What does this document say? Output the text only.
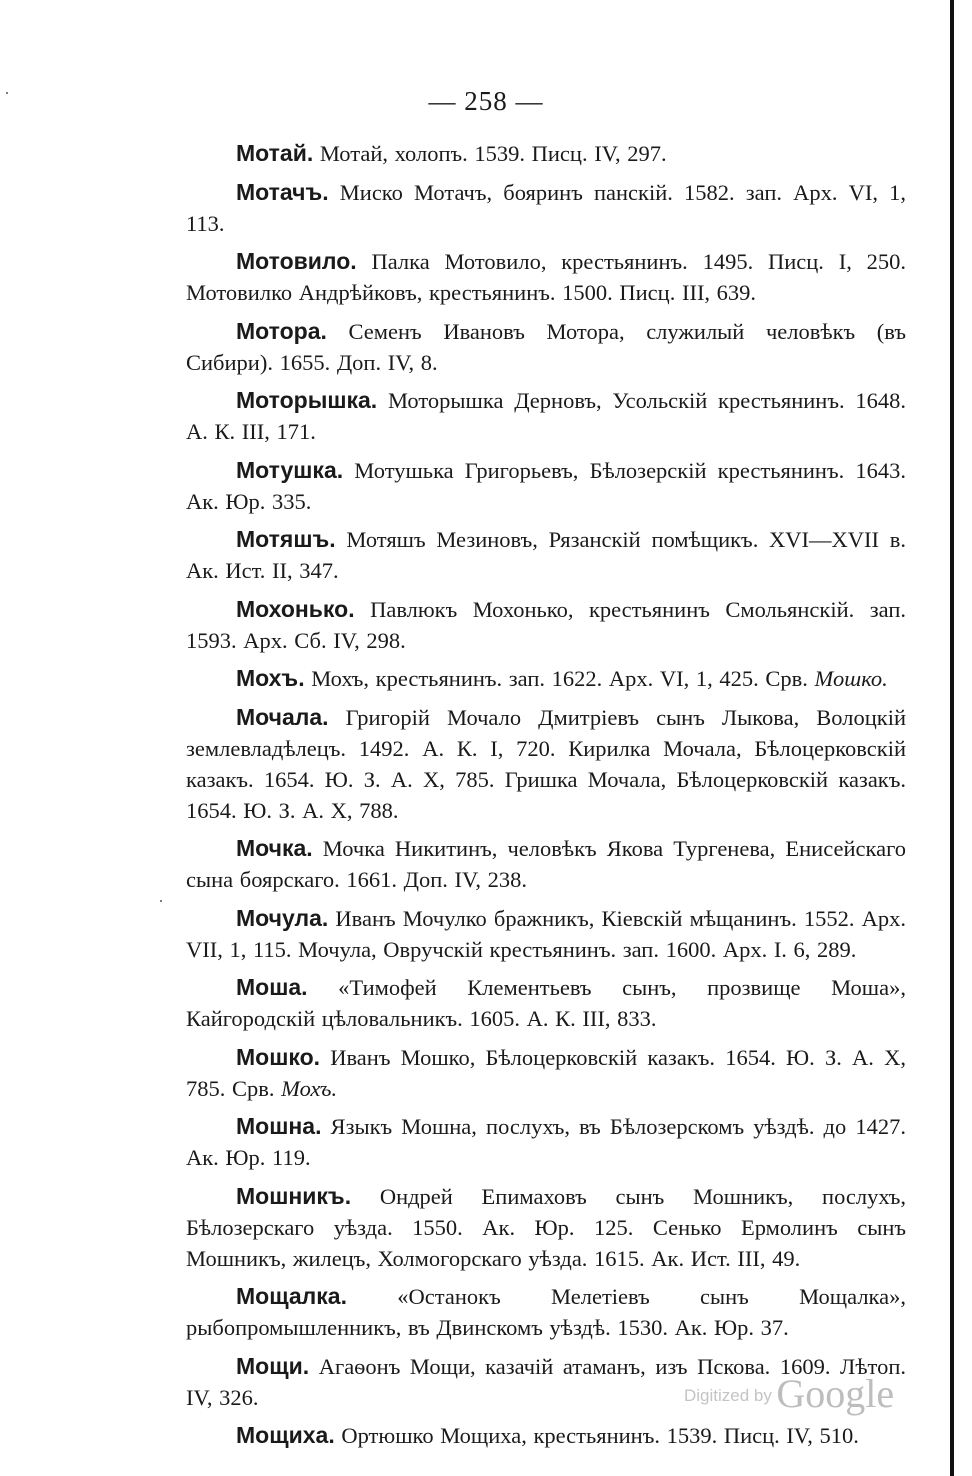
— 258 —

Мотай. Мотай, холопъ. 1539. Писц. IV, 297.

Мотачъ. Миско Мотачъ, бояринъ панскій. 1582. зап. Арх. VI, 1, 113.

Мотовило. Палка Мотовило, крестьянинъ. 1495. Писц. I, 250. Мотовилко Андрѣйковъ, крестьянинъ. 1500. Писц. III, 639.

Мотора. Семенъ Ивановъ Мотора, служилый человѣкъ (въ Сибири). 1655. Доп. IV, 8.

Моторышка. Моторышка Дерновъ, Усольскій крестьянинъ. 1648. А. К. III, 171.

Мотушка. Мотушька Григорьевъ, Бѣлозерскій крестьянинъ. 1643. Ак. Юр. 335.

Мотяшъ. Мотяшъ Мезиновъ, Рязанскій помѣщикъ. XVI—XVII в. Ак. Ист. II, 347.

Мохонько. Павлюкъ Мохонько, крестьянинъ Смольянскій. зап. 1593. Арх. Сб. IV, 298.

Мохъ. Мохъ, крестьянинъ. зап. 1622. Арх. VI, 1, 425. Срв. Мошко.

Мочала. Григорій Мочало Дмитріевъ сынъ Лыкова, Волоцкій землевладѣлецъ. 1492. А. К. I, 720. Кирилка Мочала, Бѣлоцерковскій казакъ. 1654. Ю. З. А. X, 785. Гришка Мочала, Бѣлоцерковскій казакъ. 1654. Ю. З. А. X, 788.

Мочка. Мочка Никитинъ, человѣкъ Якова Тургенева, Енисейскаго сына боярскаго. 1661. Доп. IV, 238.

Мочула. Иванъ Мочулко бражникъ, Кіевскій мѣщанинъ. 1552. Арх. VII, 1, 115. Мочула, Овручскій крестьянинъ. зап. 1600. Арх. I. 6, 289.

Моша. «Тимофей Клементьевъ сынъ, прозвище Моша», Кайгородскій цѣловальникъ. 1605. А. К. III, 833.

Мошко. Иванъ Мошко, Бѣлоцерковскій казакъ. 1654. Ю. З. А. X, 785. Срв. Мохъ.

Мошна. Языкъ Мошна, послухъ, въ Бѣлозерскомъ уѣздѣ. до 1427. Ак. Юр. 119.

Мошникъ. Ондрей Епимаховъ сынъ Мошникъ, послухъ, Бѣлозерскаго уѣзда. 1550. Ак. Юр. 125. Сенько Ермолинъ сынъ Мошникъ, жилецъ, Холмогорскаго уѣзда. 1615. Ак. Ист. III, 49.

Мощалка. «Останокъ Мелетіевъ сынъ Мощалка», рыбопромышленникъ, въ Двинскомъ уѣздѣ. 1530. Ак. Юр. 37.

Мощи. Агаѳонъ Мощи, казачій атаманъ, изъ Пскова. 1609. Лѣтоп. IV, 326.

Мощиха. Ортюшко Мощиха, крестьянинъ. 1539. Писц. IV, 510.

Digitized by Google
